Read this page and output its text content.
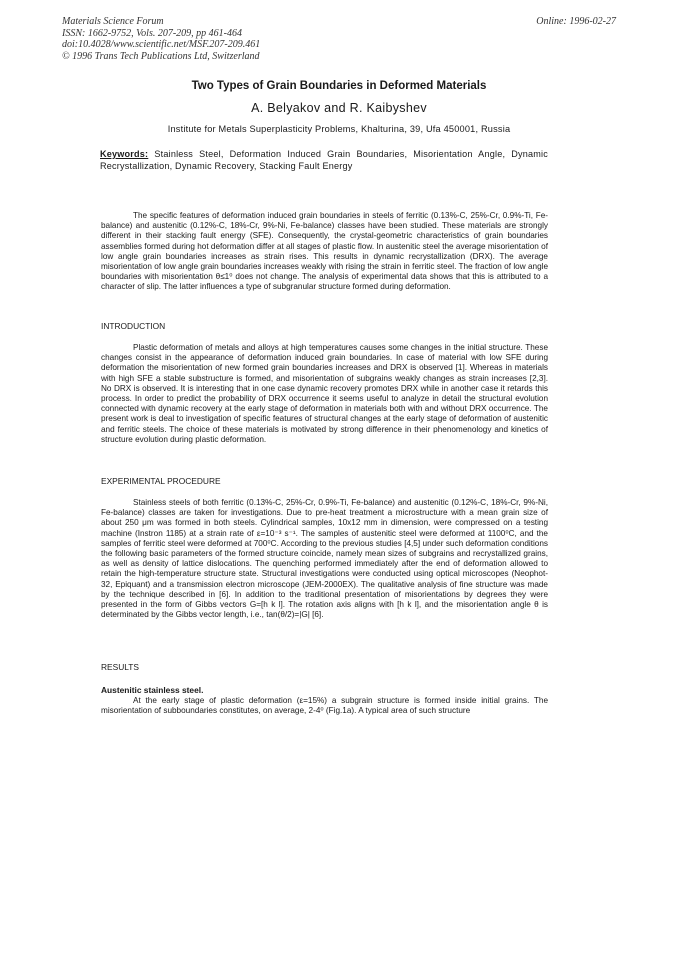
Materials Science Forum
ISSN: 1662-9752, Vols. 207-209, pp 461-464
doi:10.4028/www.scientific.net/MSF.207-209.461
© 1996 Trans Tech Publications Ltd, Switzerland
Online: 1996-02-27
Two Types of Grain Boundaries in Deformed Materials
A. Belyakov and R. Kaibyshev
Institute for Metals Superplasticity Problems, Khalturina, 39, Ufa 450001, Russia
Keywords: Stainless Steel, Deformation Induced Grain Boundaries, Misorientation Angle, Dynamic Recrystallization, Dynamic Recovery, Stacking Fault Energy

The specific features of deformation induced grain boundaries in steels of ferritic (0.13%-C, 25%-Cr, 0.9%-Ti, Fe-balance) and austenitic (0.12%-C, 18%-Cr, 9%-Ni, Fe-balance) classes have been studied. These materials are strongly different in their stacking fault energy (SFE). Consequently, the crystal-geometric characteristics of grain boundaries assemblies formed during hot deformation differ at all stages of plastic flow. In austenitic steel the average misorientation of low angle grain boundaries increases as strain rises. This results in dynamic recrystallization (DRX). The average misorientation of low angle grain boundaries increases weakly with rising the strain in ferritic steel. The fraction of low angle boundaries with misorientation θ≤1⁰ does not change. The analysis of experimental data shows that this is attributed to a character of slip. The latter influences a type of subgranular structure formed during deformation.

INTRODUCTION

Plastic deformation of metals and alloys at high temperatures causes some changes in the initial structure. These changes consist in the appearance of deformation induced grain boundaries. In case of material with low SFE during deformation the misorientation of new formed grain boundaries increases and DRX is observed [1]. Whereas in materials with high SFE a stable substructure is formed, and misorientation of subgrains weakly changes as strain increases [2,3]. No DRX is observed. It is interesting that in one case dynamic recovery promotes DRX while in another case it retards this process. In order to predict the probability of DRX occurrence it seems useful to analyze in detail the structural evolution connected with dynamic recovery at the early stage of deformation in materials both with and without DRX occurrence. The present work is deal to investigation of specific features of structural changes at the early stage of deformation of austenitic and ferritic steels. The choice of these materials is motivated by strong difference in their phenomenology and kinetics of structure evolution during plastic deformation.

EXPERIMENTAL PROCEDURE

Stainless steels of both ferritic (0.13%-C, 25%-Cr, 0.9%-Ti, Fe-balance) and austenitic (0.12%-C, 18%-Cr, 9%-Ni, Fe-balance) classes are taken for investigations. Due to pre-heat treatment a microstructure with a mean grain size of about 250 μm was formed in both steels. Cylindrical samples, 10x12 mm in dimension, were compressed on a testing machine (Instron 1185) at a strain rate of ε=10⁻³ s⁻¹. The samples of austenitic steel were deformed at 1100⁰C, and the samples of ferritic steel were deformed at 700⁰C. According to the previous studies [4,5] under such deformation conditions the following basic parameters of the formed structure coincide, namely mean sizes of subgrains and recrystallized grains, as well as density of lattice dislocations. The quenching performed immediately after the end of deformation allowed to retain the high-temperature structure state. Structural investigations were conducted using optical microscopes (Neophot-32, Epiquant) and a transmission electron microscope (JEM-2000EX). The qualitative analysis of fine structure was made by the technique described in [6]. In addition to the traditional presentation of misorientations by degrees they were presented in the form of Gibbs vectors G=[h k l]. The rotation axis aligns with [h k l], and the misorientation angle θ is determinated by the Gibbs vector length, i.e., tan(θ/2)=|G| [6].

RESULTS
Austenitic stainless steel.

At the early stage of plastic deformation (ε=15%) a subgrain structure is formed inside initial grains. The misorientation of subboundaries constitutes, on average, 2-4⁰ (Fig.1a). A typical area of such structure
